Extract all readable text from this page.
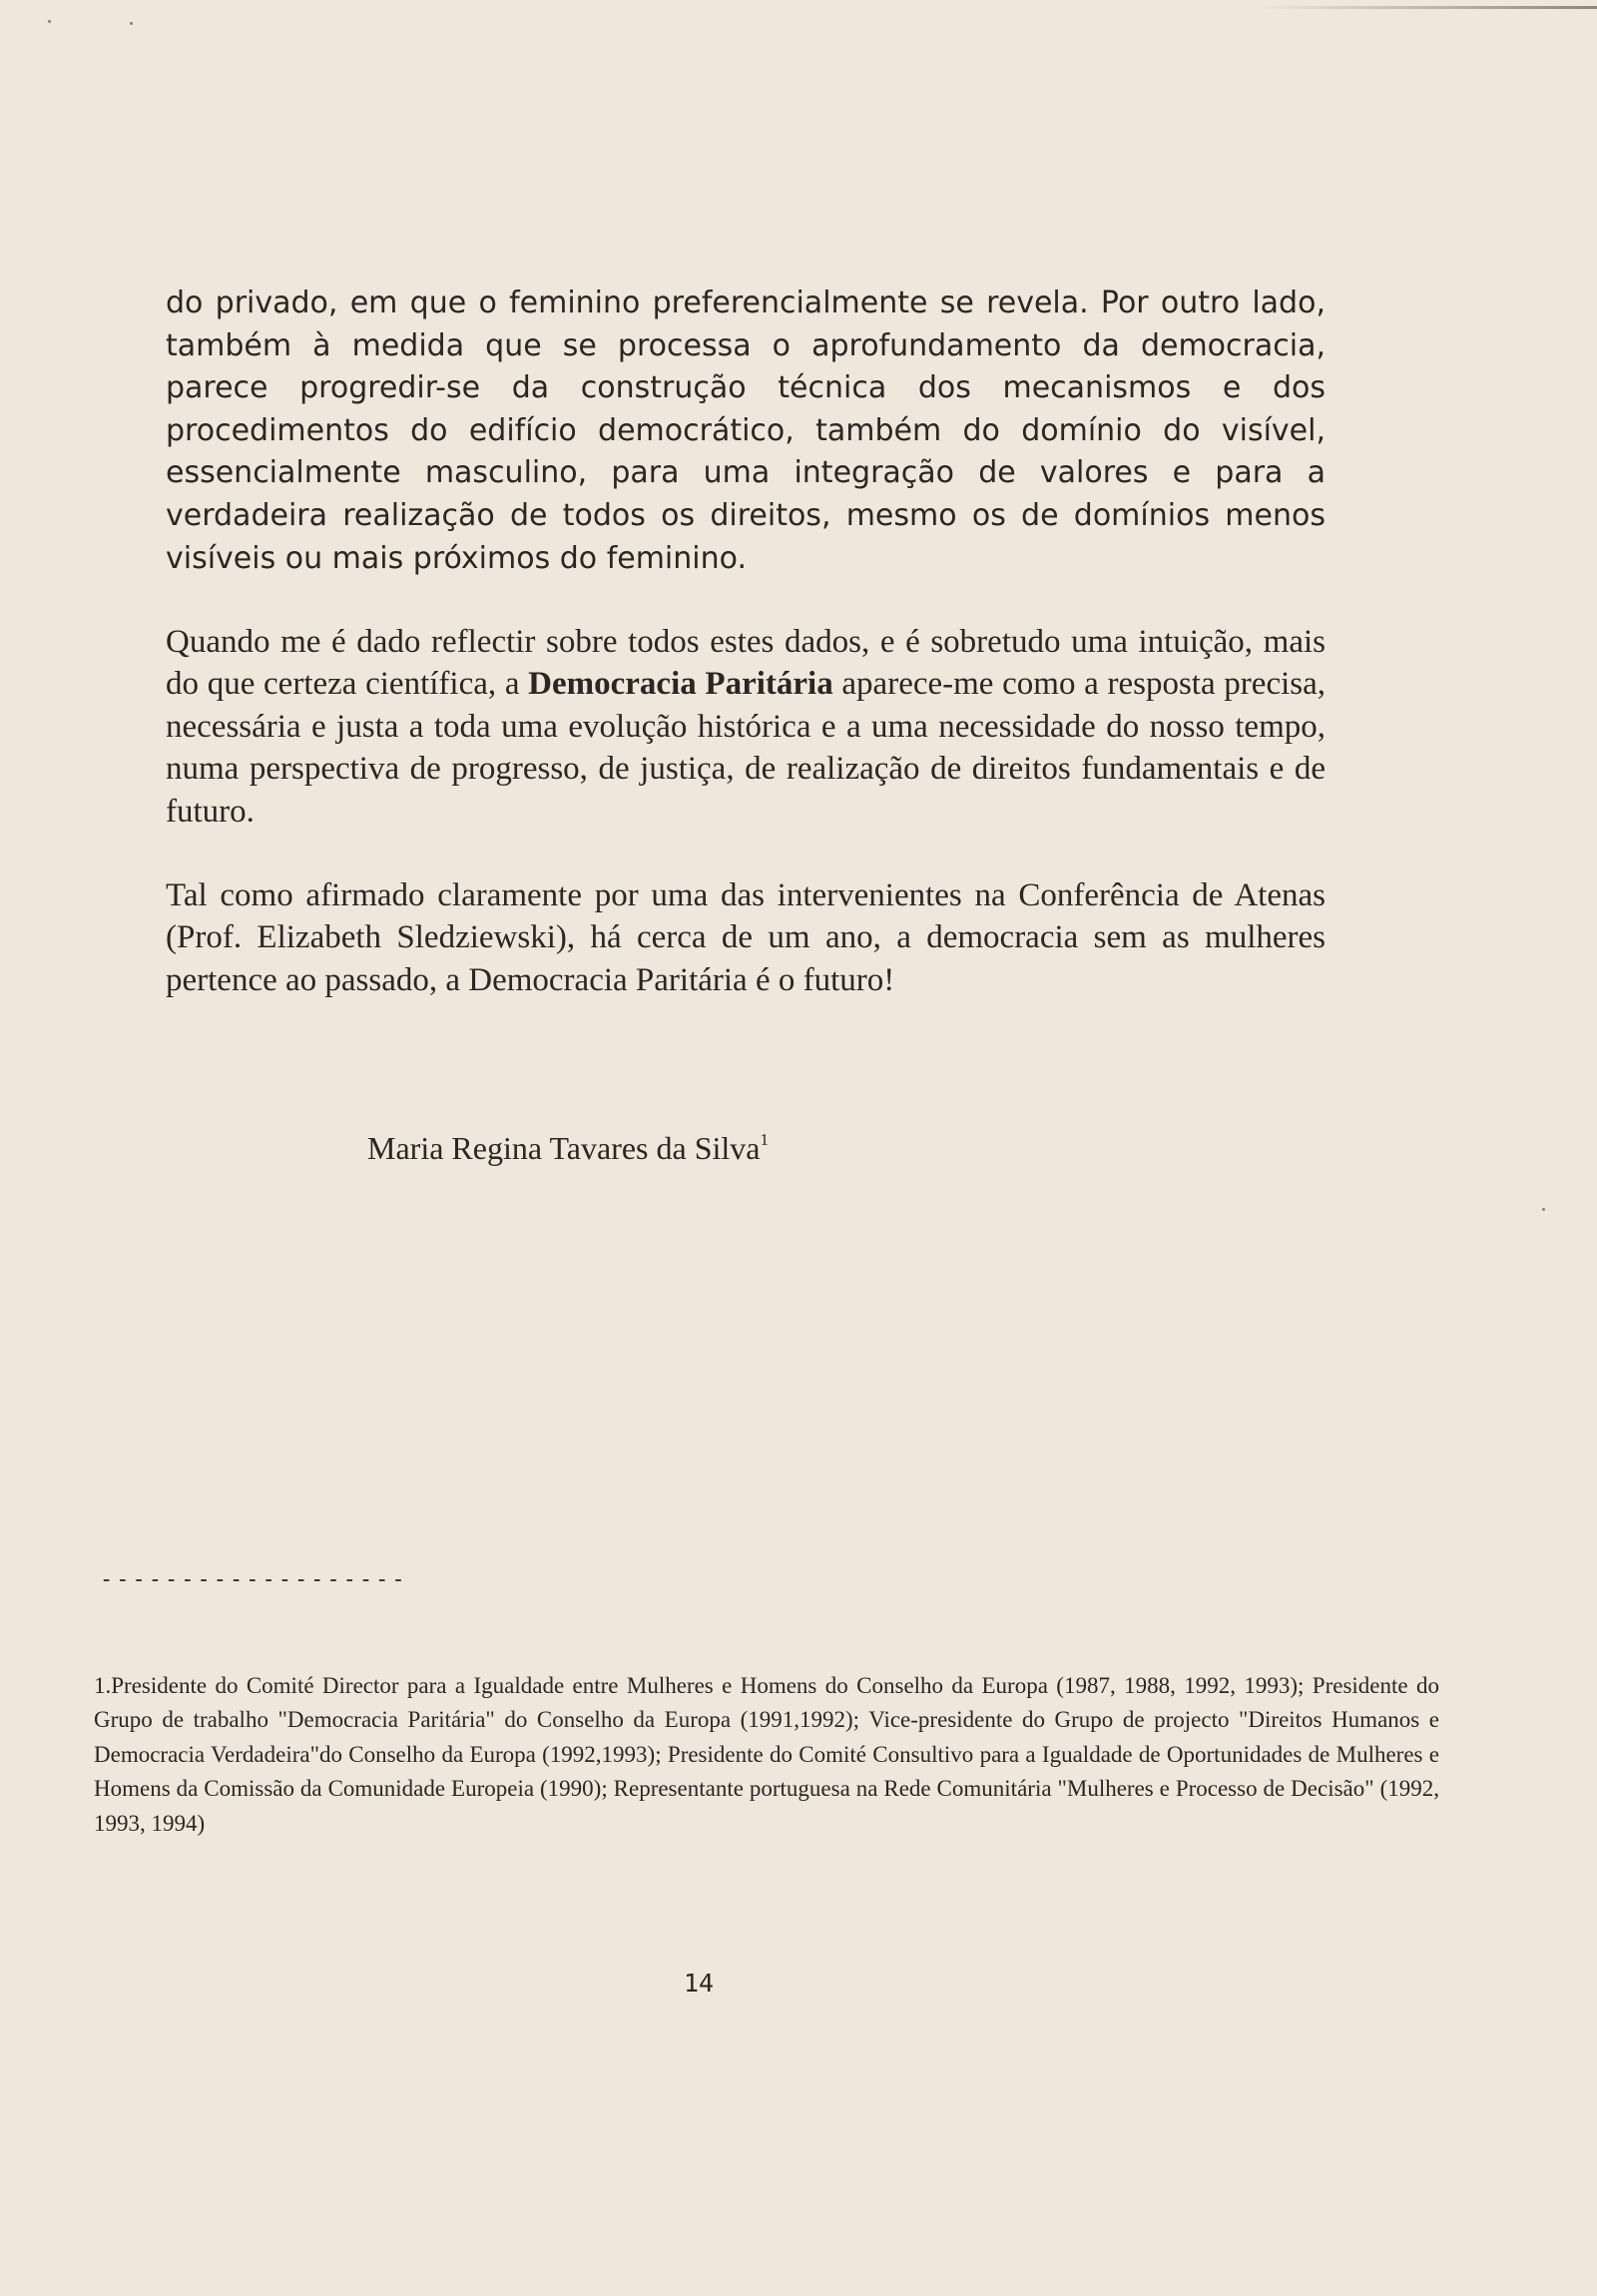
do privado, em que o feminino preferencialmente se revela. Por outro lado, também à medida que se processa o aprofundamento da democracia, parece progredir-se da construção técnica dos mecanismos e dos procedimentos do edifício democrático, também do domínio do visível, essencialmente masculino, para uma integração de valores e para a verdadeira realização de todos os direitos, mesmo os de domínios menos visíveis ou mais próximos do feminino.

Quando me é dado reflectir sobre todos estes dados, e é sobretudo uma intuição, mais do que certeza científica, a Democracia Paritária aparece-me como a resposta precisa, necessária e justa a toda uma evolução histórica e a uma necessidade do nosso tempo, numa perspectiva de progresso, de justiça, de realização de direitos fundamentais e de futuro.

Tal como afirmado claramente por uma das intervenientes na Conferência de Atenas (Prof. Elizabeth Sledziewski), há cerca de um ano, a democracia sem as mulheres pertence ao passado, a Democracia Paritária é o futuro!

Maria Regina Tavares da Silva$^1$

-------------------

1.Presidente do Comité Director para a Igualdade entre Mulheres e Homens do Conselho da Europa (1987, 1988, 1992, 1993); Presidente do Grupo de trabalho "Democracia Paritária" do Conselho da Europa (1991,1992); Vice-presidente do Grupo de projecto "Direitos Humanos e Democracia Verdadeira"do Conselho da Europa (1992,1993); Presidente do Comité Consultivo para a Igualdade de Oportunidades de Mulheres e Homens da Comissão da Comunidade Europeia (1990); Representante portuguesa na Rede Comunitária "Mulheres e Processo de Decisão" (1992, 1993, 1994)

14
